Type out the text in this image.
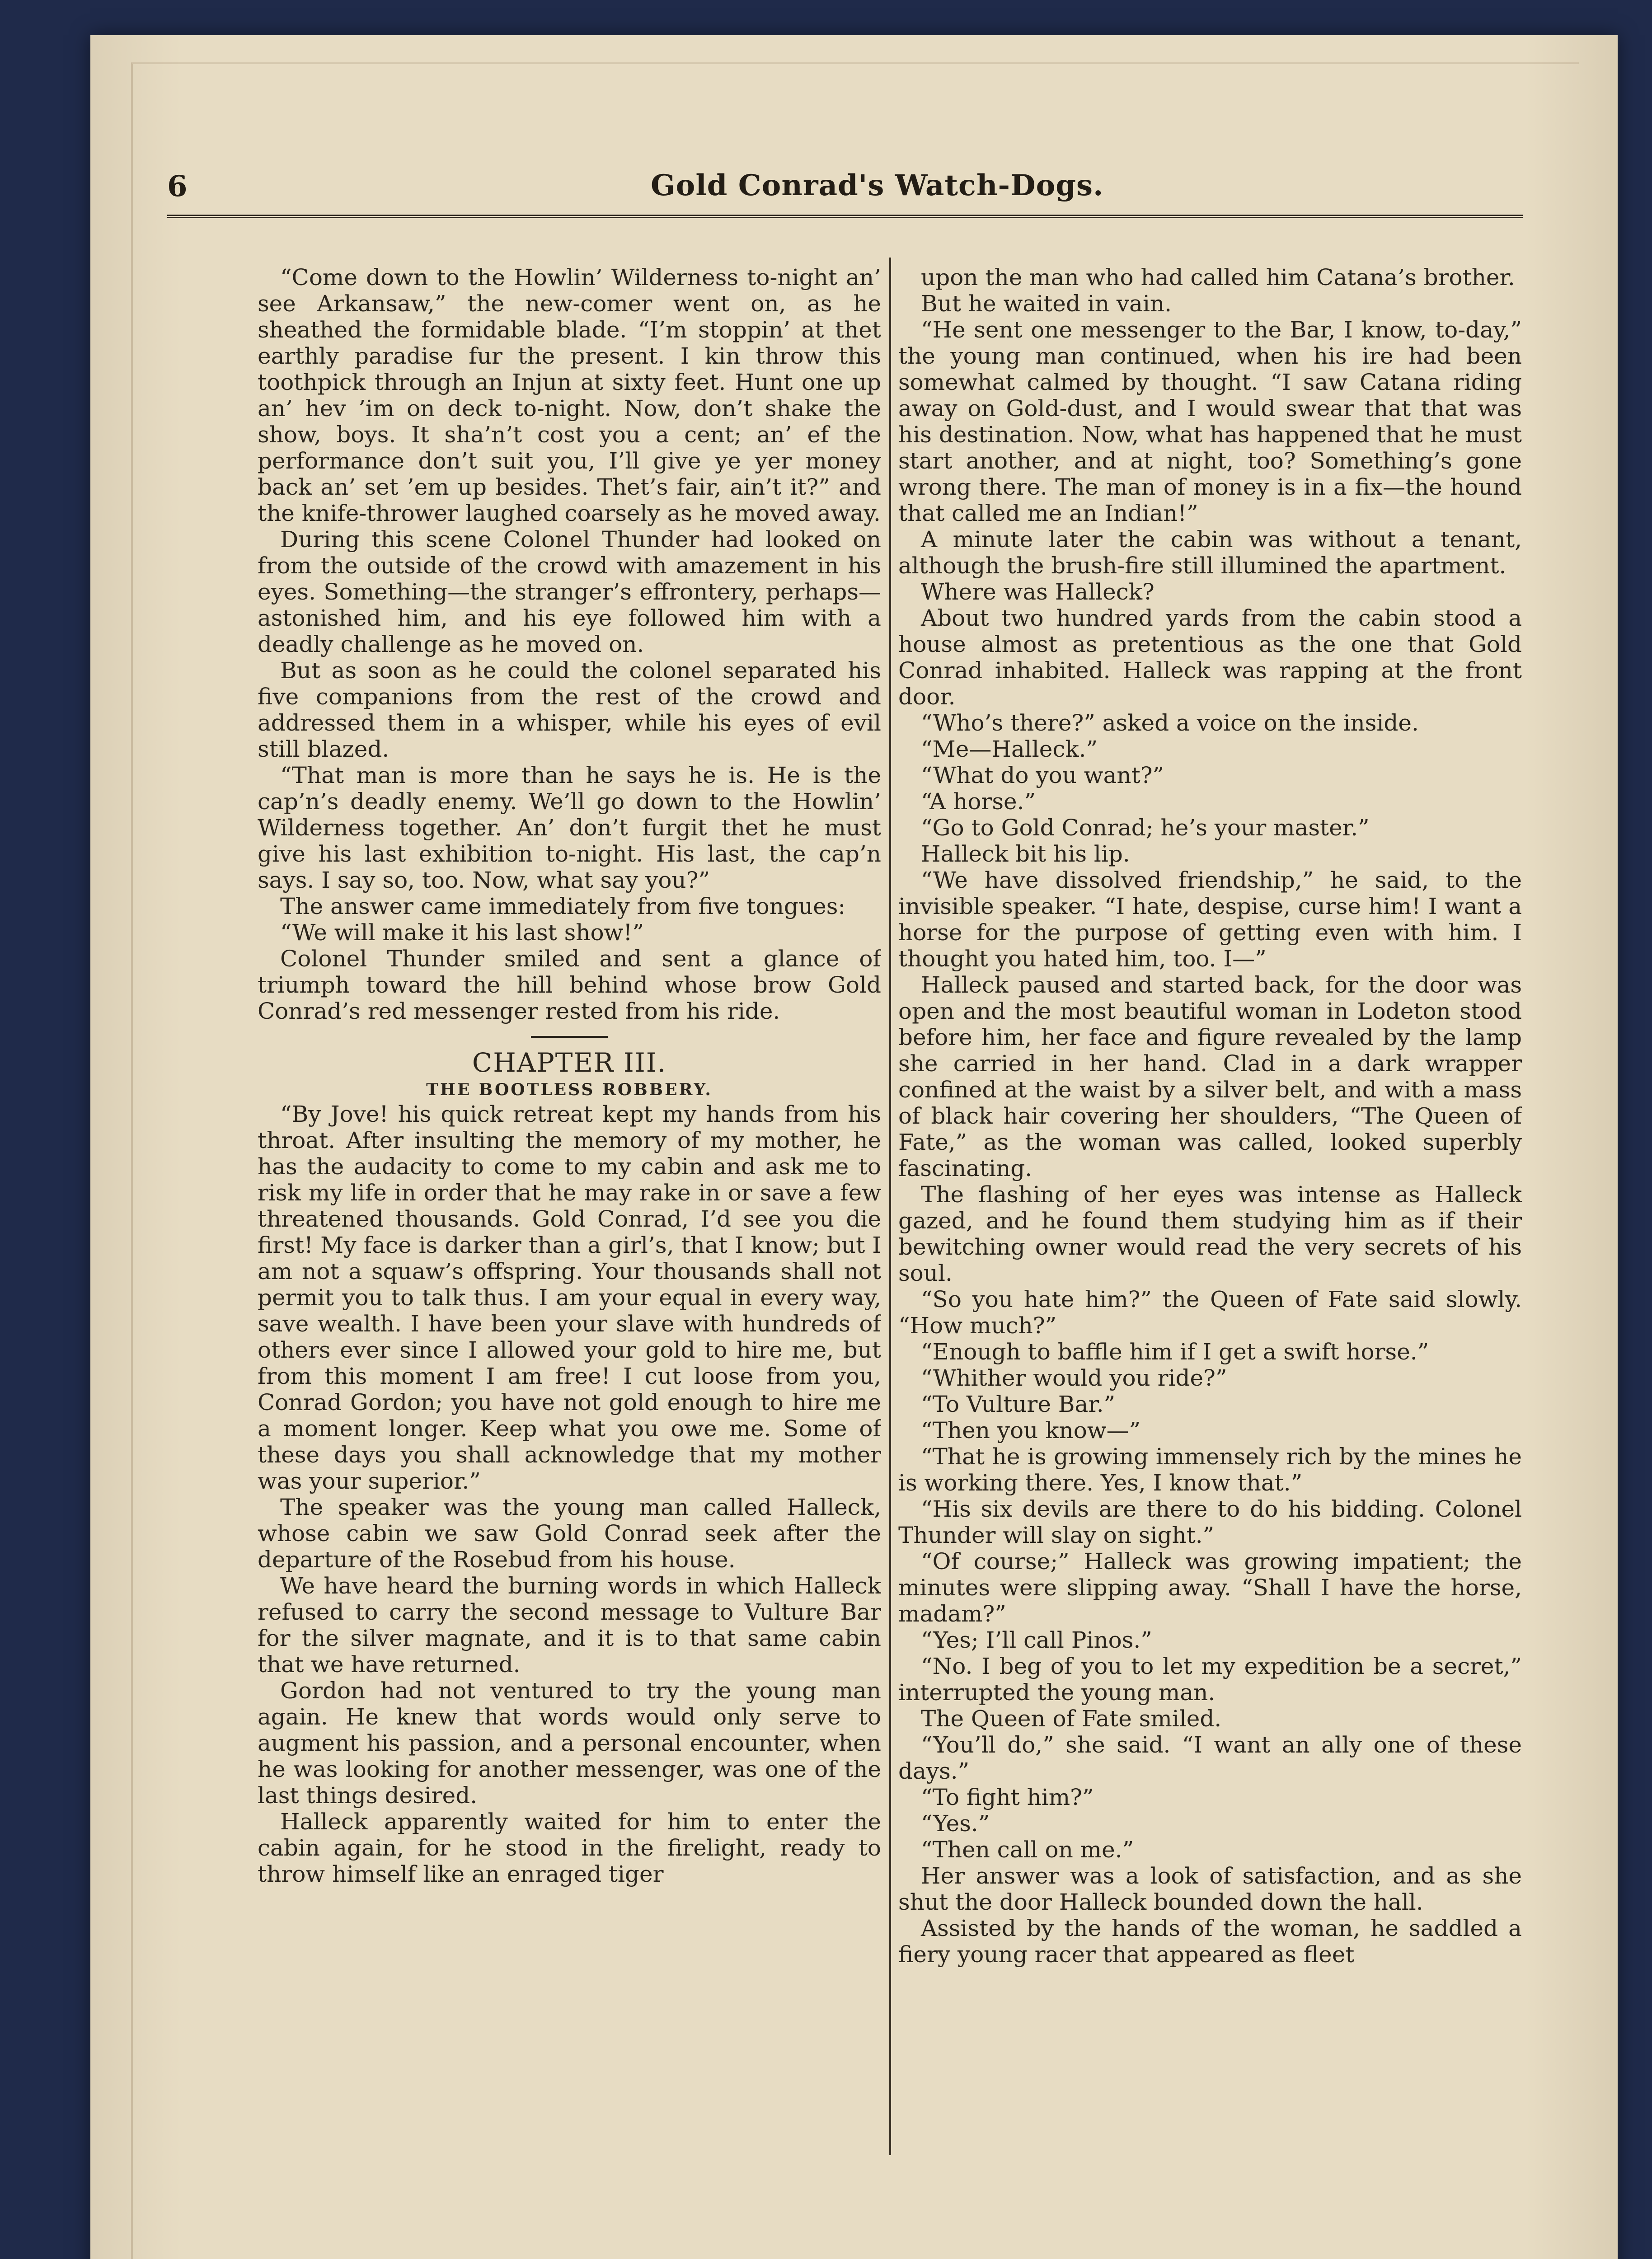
6	Gold Conrad's Watch-Dogs.

“Come down to the Howlin’ Wilderness to-night an’ see Arkansaw,” the new-comer went on, as he sheathed the formidable blade. “I’m stoppin’ at thet earthly paradise fur the present. I kin throw this toothpick through an Injun at sixty feet. Hunt one up an’ hev ’im on deck to-night. Now, don’t shake the show, boys. It sha’n’t cost you a cent; an’ ef the performance don’t suit you, I’ll give ye yer money back an’ set ’em up besides. Thet’s fair, ain’t it?” and the knife-thrower laughed coarsely as he moved away.

During this scene Colonel Thunder had looked on from the outside of the crowd with amazement in his eyes. Something—the stranger’s effrontery, perhaps—astonished him, and his eye followed him with a deadly challenge as he moved on.

But as soon as he could the colonel separated his five companions from the rest of the crowd and addressed them in a whisper, while his eyes of evil still blazed.

“That man is more than he says he is. He is the cap’n’s deadly enemy. We’ll go down to the Howlin’ Wilderness together. An’ don’t furgit thet he must give his last exhibition to-night. His last, the cap’n says. I say so, too. Now, what say you?”

The answer came immediately from five tongues:

“We will make it his last show!”

Colonel Thunder smiled and sent a glance of triumph toward the hill behind whose brow Gold Conrad’s red messenger rested from his ride.

CHAPTER III.
THE BOOTLESS ROBBERY.

“By Jove! his quick retreat kept my hands from his throat. After insulting the memory of my mother, he has the audacity to come to my cabin and ask me to risk my life in order that he may rake in or save a few threatened thousands. Gold Conrad, I’d see you die first! My face is darker than a girl’s, that I know; but I am not a squaw’s offspring. Your thousands shall not permit you to talk thus. I am your equal in every way, save wealth. I have been your slave with hundreds of others ever since I allowed your gold to hire me, but from this moment I am free! I cut loose from you, Conrad Gordon; you have not gold enough to hire me a moment longer. Keep what you owe me. Some of these days you shall acknowledge that my mother was your superior.”

The speaker was the young man called Halleck, whose cabin we saw Gold Conrad seek after the departure of the Rosebud from his house.

We have heard the burning words in which Halleck refused to carry the second message to Vulture Bar for the silver magnate, and it is to that same cabin that we have returned.

Gordon had not ventured to try the young man again. He knew that words would only serve to augment his passion, and a personal encounter, when he was looking for another messenger, was one of the last things desired.

Halleck apparently waited for him to enter the cabin again, for he stood in the firelight, ready to throw himself like an enraged tiger

upon the man who had called him Catana’s brother.

But he waited in vain.

“He sent one messenger to the Bar, I know, to-day,” the young man continued, when his ire had been somewhat calmed by thought. “I saw Catana riding away on Gold-dust, and I would swear that that was his destination. Now, what has happened that he must start another, and at night, too? Something’s gone wrong there. The man of money is in a fix—the hound that called me an Indian!”

A minute later the cabin was without a tenant, although the brush-fire still illumined the apartment.

Where was Halleck?

About two hundred yards from the cabin stood a house almost as pretentious as the one that Gold Conrad inhabited. Halleck was rapping at the front door.

“Who’s there?” asked a voice on the inside.

“Me—Halleck.”

“What do you want?”

“A horse.”

“Go to Gold Conrad; he’s your master.”

Halleck bit his lip.

“We have dissolved friendship,” he said, to the invisible speaker. “I hate, despise, curse him! I want a horse for the purpose of getting even with him. I thought you hated him, too. I—”

Halleck paused and started back, for the door was open and the most beautiful woman in Lodeton stood before him, her face and figure revealed by the lamp she carried in her hand. Clad in a dark wrapper confined at the waist by a silver belt, and with a mass of black hair covering her shoulders, “The Queen of Fate,” as the woman was called, looked superbly fascinating.

The flashing of her eyes was intense as Halleck gazed, and he found them studying him as if their bewitching owner would read the very secrets of his soul.

“So you hate him?” the Queen of Fate said slowly. “How much?”

“Enough to baffle him if I get a swift horse.”

“Whither would you ride?”

“To Vulture Bar.”

“Then you know—”

“That he is growing immensely rich by the mines he is working there. Yes, I know that.”

“His six devils are there to do his bidding. Colonel Thunder will slay on sight.”

“Of course;” Halleck was growing impatient; the minutes were slipping away. “Shall I have the horse, madam?”

“Yes; I’ll call Pinos.”

“No. I beg of you to let my expedition be a secret,” interrupted the young man.

The Queen of Fate smiled.

“You’ll do,” she said. “I want an ally one of these days.”

“To fight him?”

“Yes.”

“Then call on me.”

Her answer was a look of satisfaction, and as she shut the door Halleck bounded down the hall.

Assisted by the hands of the woman, he saddled a fiery young racer that appeared as fleet
